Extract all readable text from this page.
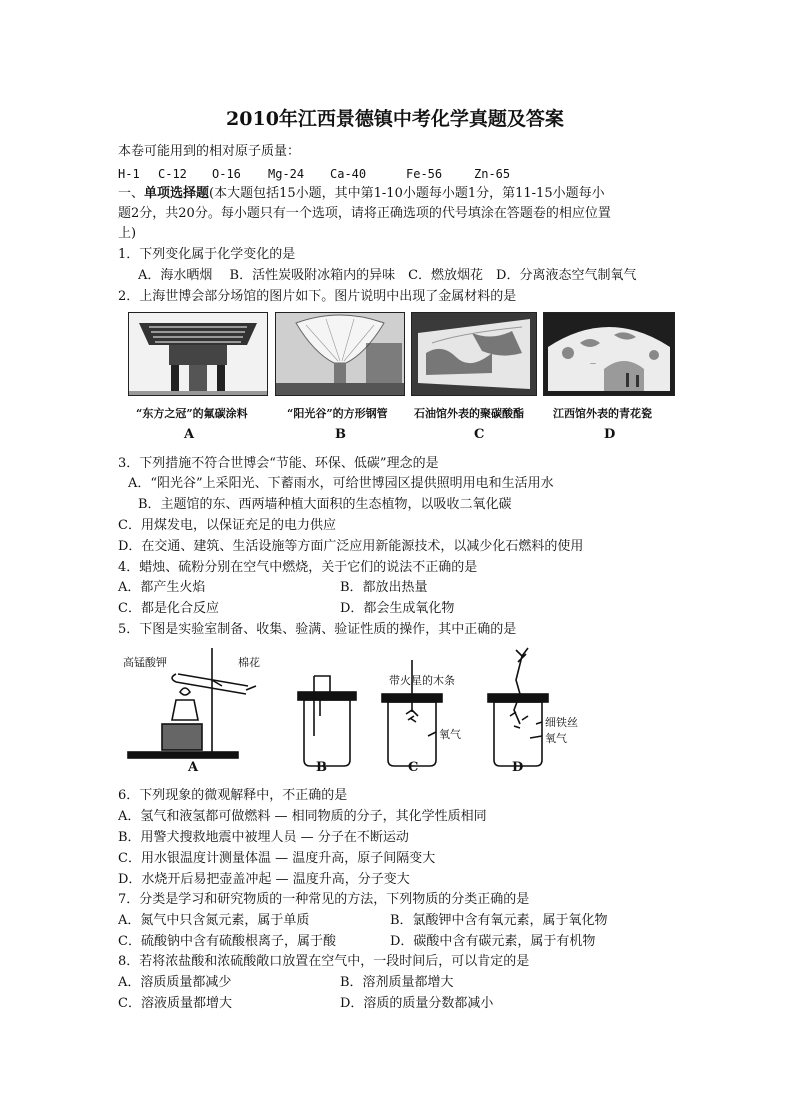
2010年江西景德镇中考化学真题及答案
本卷可能用到的相对原子质量：
H-1 C-12 O-16 Mg-24 Ca-40	Fe-56	Zn-65
一、单项选择题(本大题包括15小题，其中第1-10小题每小题1分，第11-15小题每小
题2分，共20分。每小题只有一个选项，请将正确选项的代号填涂在答题卷的相应位置
上)
1．下列变化属于化学变化的是
A．海水晒烟　 B．活性炭吸附冰箱内的异味　C．燃放烟花　D．分离液态空气制氧气
2．上海世博会部分场馆的图片如下。图片说明中出现了金属材料的是
—
“东方之冠”的氟碳涂料	“阳光谷”的方形钢管 石油馆外表的聚碳酸酯	江西馆外表的青花瓷
A	B	C	D
3．下列措施不符合世博会“节能、环保、低碳”理念的是
A．“阳光谷”上采阳光、下蓄雨水，可给世博园区提供照明用电和生活用水
B．主题馆的东、西两墙种植大面积的生态植物，以吸收二氧化碳
C．用煤发电，以保证充足的电力供应
D．在交通、建筑、生活设施等方面广泛应用新能源技术，以减少化石燃料的使用
4．蜡烛、硫粉分别在空气中燃烧，关于它们的说法不正确的是
A．都产生火焰	B．都放出热量
C．都是化合反应	D．都会生成氧化物
5．下图是实验室制备、收集、验满、验证性质的操作，其中正确的是
高锰酸钾	棉花
带火星的木条
氧气
细铁丝
氧气
A	B	C	D
6．下列现象的微观解释中，不正确的是
A．氢气和液氢都可做燃料 — 相同物质的分子，其化学性质相同
B．用警犬搜救地震中被埋人员 — 分子在不断运动
C．用水银温度计测量体温 — 温度升高，原子间隔变大
D．水烧开后易把壶盖冲起 — 温度升高，分子变大
7．分类是学习和研究物质的一种常见的方法，下列物质的分类正确的是
A．氮气中只含氮元素，属于单质	B．氯酸钾中含有氧元素，属于氧化物
C．硫酸钠中含有硫酸根离子，属于酸	D．碳酸中含有碳元素，属于有机物
8．若将浓盐酸和浓硫酸敞口放置在空气中，一段时间后，可以肯定的是
A．溶质质量都减少	B．溶剂质量都增大
C．溶液质量都增大	D．溶质的质量分数都减小
